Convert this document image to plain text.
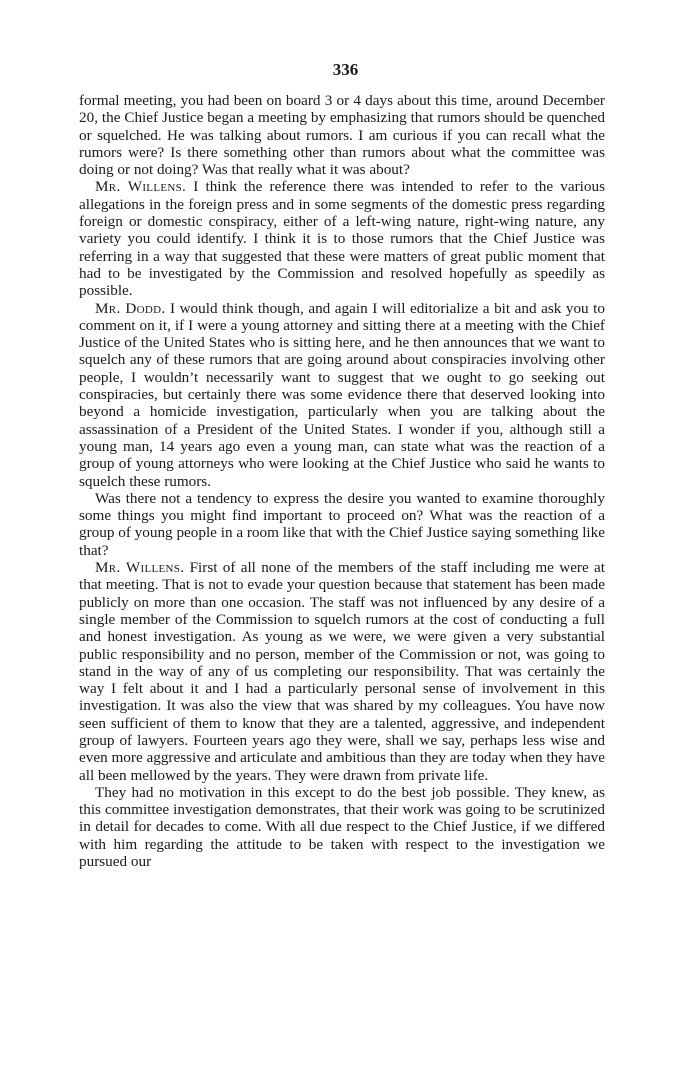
336

formal meeting, you had been on board 3 or 4 days about this time, around December 20, the Chief Justice began a meeting by emphasizing that rumors should be quenched or squelched. He was talking about rumors. I am curious if you can recall what the rumors were? Is there something other than rumors about what the committee was doing or not doing? Was that really what it was about?

Mr. Willens. I think the reference there was intended to refer to the various allegations in the foreign press and in some segments of the domestic press regarding foreign or domestic conspiracy, either of a left-wing nature, right-wing nature, any variety you could identify. I think it is to those rumors that the Chief Justice was referring in a way that suggested that these were matters of great public moment that had to be investigated by the Commission and resolved hopefully as speedily as possible.

Mr. Dodd. I would think though, and again I will editorialize a bit and ask you to comment on it, if I were a young attorney and sitting there at a meeting with the Chief Justice of the United States who is sitting here, and he then announces that we want to squelch any of these rumors that are going around about conspiracies involving other people, I wouldn’t necessarily want to suggest that we ought to go seeking out conspiracies, but certainly there was some evidence there that deserved looking into beyond a homicide investigation, particularly when you are talking about the assassination of a President of the United States. I wonder if you, although still a young man, 14 years ago even a young man, can state what was the reaction of a group of young attorneys who were looking at the Chief Justice who said he wants to squelch these rumors.

Was there not a tendency to express the desire you wanted to examine thoroughly some things you might find important to proceed on? What was the reaction of a group of young people in a room like that with the Chief Justice saying something like that?

Mr. Willens. First of all none of the members of the staff including me were at that meeting. That is not to evade your question because that statement has been made publicly on more than one occasion. The staff was not influenced by any desire of a single member of the Commission to squelch rumors at the cost of conducting a full and honest investigation. As young as we were, we were given a very substantial public responsibility and no person, member of the Commission or not, was going to stand in the way of any of us completing our responsibility. That was certainly the way I felt about it and I had a particularly personal sense of involvement in this investigation. It was also the view that was shared by my colleagues. You have now seen sufficient of them to know that they are a talented, aggressive, and independent group of lawyers. Fourteen years ago they were, shall we say, perhaps less wise and even more aggressive and articulate and ambitious than they are today when they have all been mellowed by the years. They were drawn from private life.

They had no motivation in this except to do the best job possible. They knew, as this committee investigation demonstrates, that their work was going to be scrutinized in detail for decades to come. With all due respect to the Chief Justice, if we differed with him regarding the attitude to be taken with respect to the investigation we pursued our
